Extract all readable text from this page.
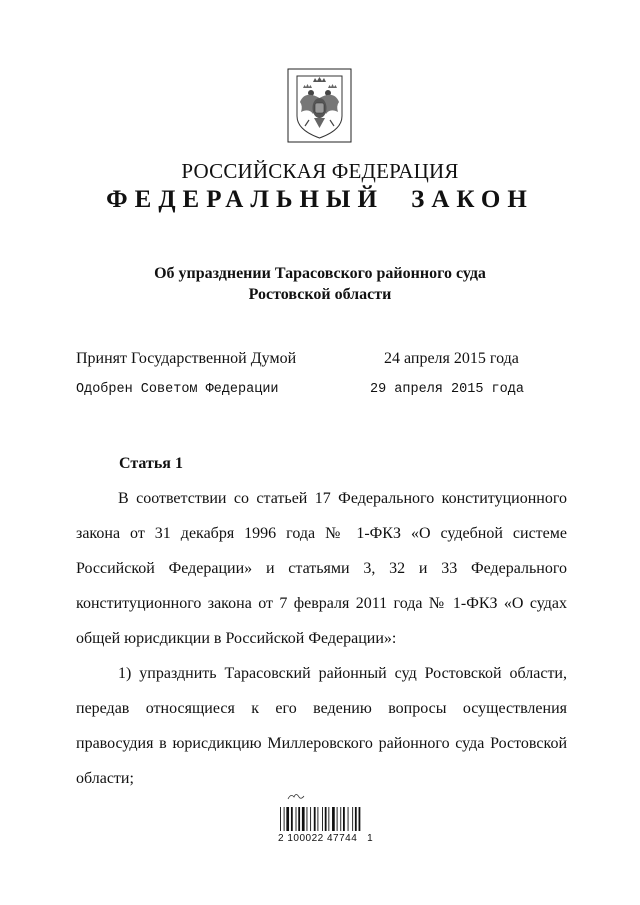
РОССИЙСКАЯ ФЕДЕРАЦИЯ
ФЕДЕРАЛЬНЫЙ ЗАКОН
Об упразднении Тарасовского районного суда
Ростовской области
Принят Государственной Думой	24 апреля 2015 года
Одобрен Советом Федерации	29 апреля 2015 года
Статья 1

В соответствии со статьей 17 Федерального конституционного закона от 31 декабря 1996 года № 1-ФКЗ «О судебной системе Российской Федерации» и статьями 3, 32 и 33 Федерального конституционного закона от 7 февраля 2011 года № 1-ФКЗ «О судах общей юрисдикции в Российской Федерации»:

1) упразднить Тарасовский районный суд Ростовской области, передав относящиеся к его ведению вопросы осуществления правосудия в юрисдикцию Миллеровского районного суда Ростовской области;

2 100022 47744   1
